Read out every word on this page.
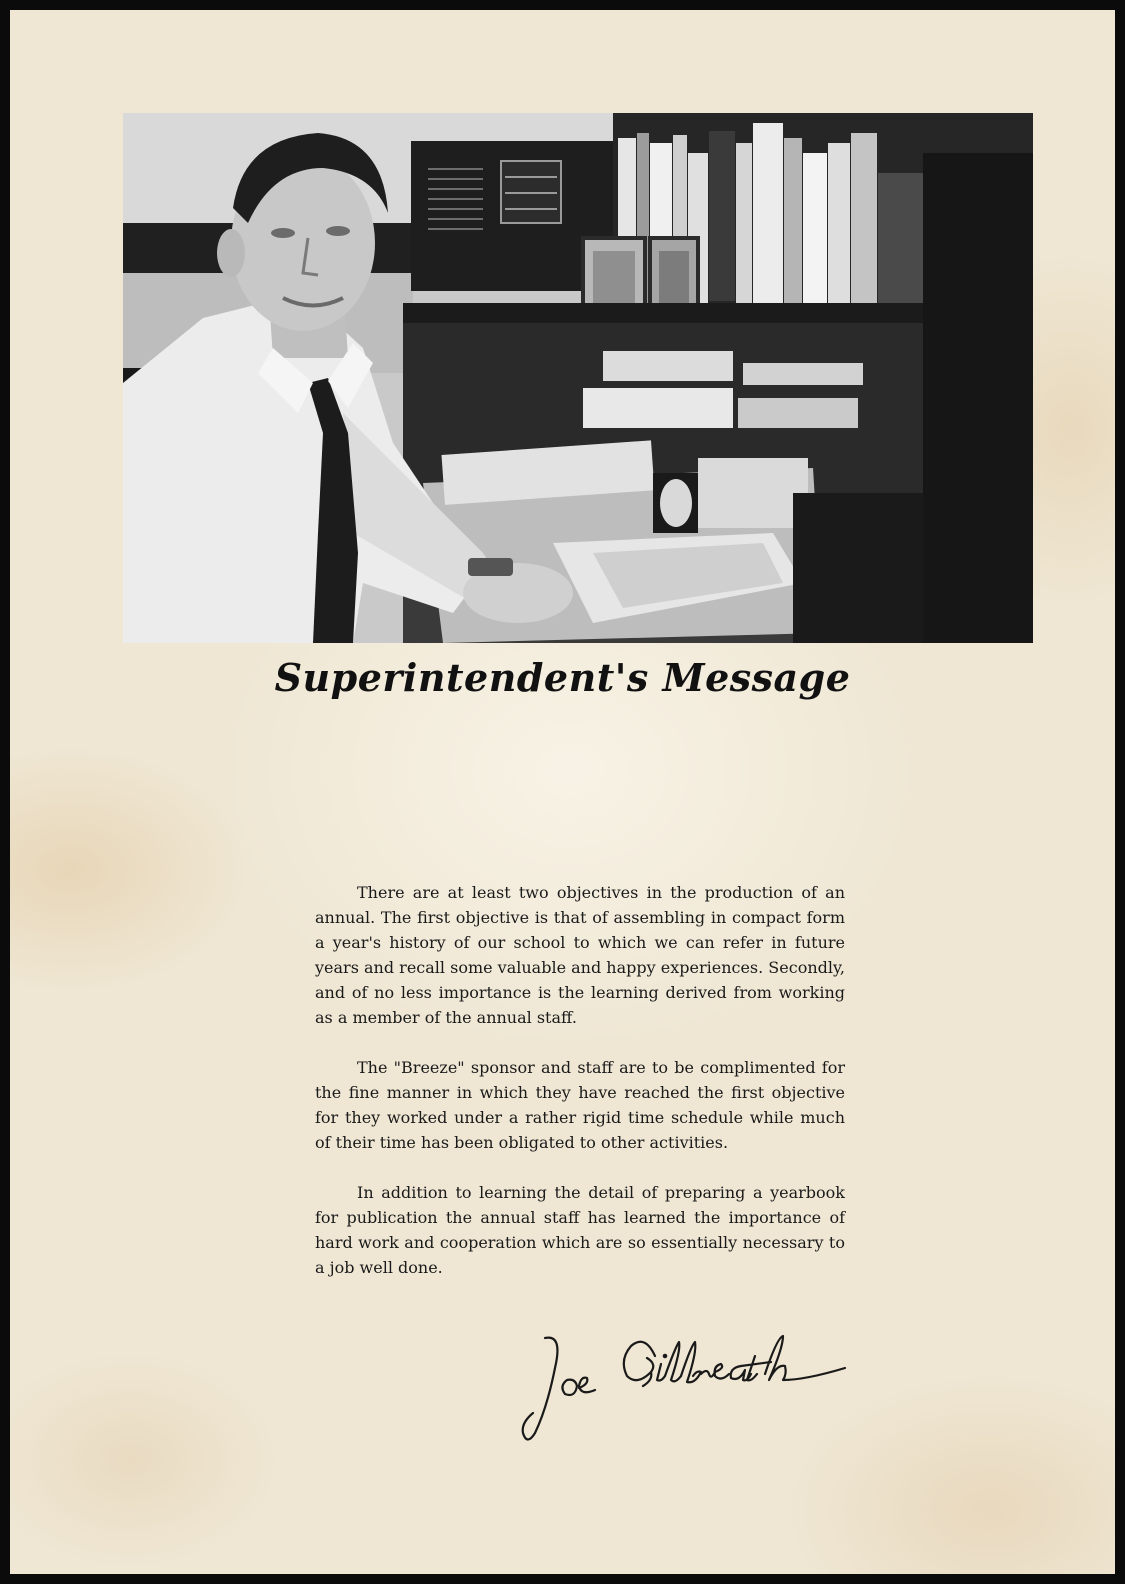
Superintendent's Message

There are at least two objectives in the production of an annual. The first objective is that of assembling in compact form a year's history of our school to which we can refer in future years and recall some valuable and happy experiences. Secondly, and of no less importance is the learning derived from working as a member of the annual staff.

The "Breeze" sponsor and staff are to be complimented for the fine manner in which they have reached the first objective for they worked under a rather rigid time schedule while much of their time has been obligated to other activities.

In addition to learning the detail of preparing a yearbook for publication the annual staff has learned the importance of hard work and cooperation which are so essentially necessary to a job well done.
